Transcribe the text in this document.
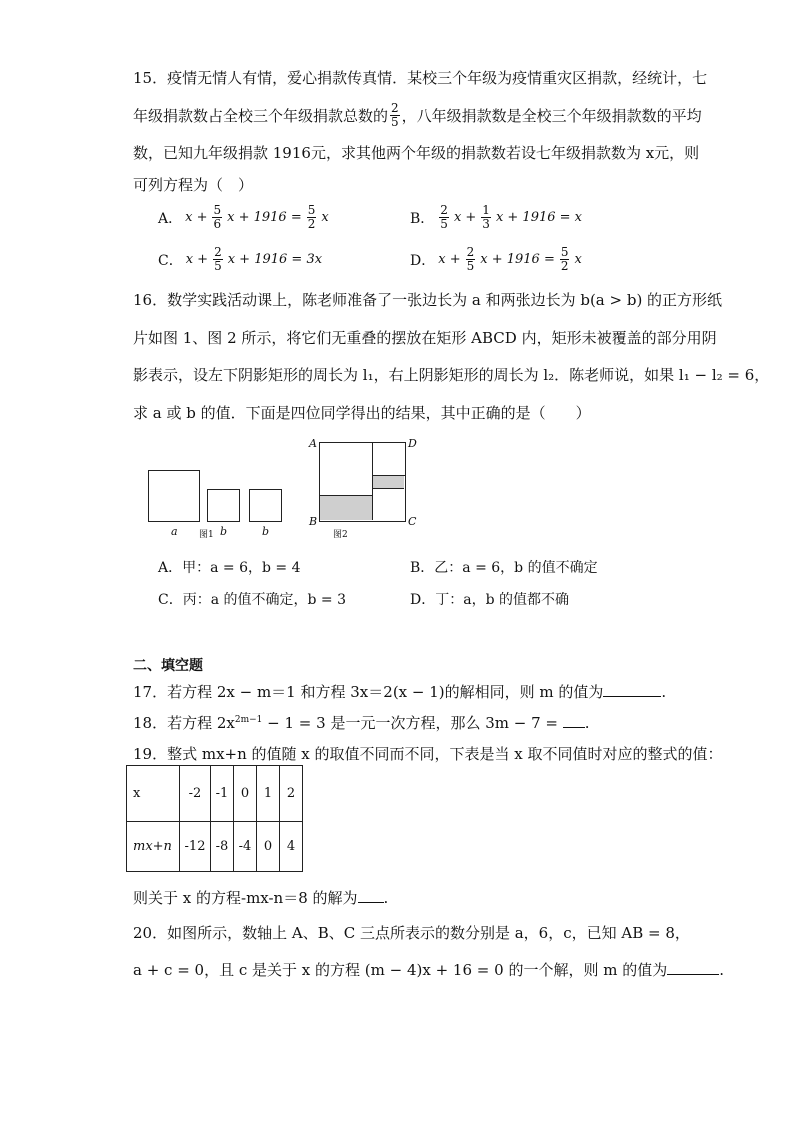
15．疫情无情人有情，爱心捐款传真情．某校三个年级为疫情重灾区捐款，经统计，七
年级捐款数占全校三个年级捐款总数的 $\frac{2}{5}$ ，八年级捐款数是全校三个年级捐款数的平均
数，已知九年级捐款 1916元，求其他两个年级的捐款数若设七年级捐款数为 x元，则
可列方程为（　）
A． $x + \frac{5}{6}$ $x + 1916 = \frac{5}{2}$ x	B． $\frac{2}{5}$ $x + \frac{1}{3}$ x + 1916 = x
C． $x + \frac{2}{5}$ x + 1916 = 3x	D． $x + \frac{2}{5}$ $x + 1916 = \frac{5}{2}$ x
16．数学实践活动课上，陈老师准备了一张边长为 a 和两张边长为 b(a > b) 的正方形纸
片如图 1、图 2 所示，将它们无重叠的摆放在矩形 ABCD 内，矩形未被覆盖的部分用阴
影表示，设左下阴影矩形的周长为 l₁，右上阴影矩形的周长为 l₂．陈老师说，如果 l₁ − l₂ = 6，
求 a 或 b 的值．下面是四位同学得出的结果，其中正确的是（　　）
a 图1 b	b
A	D
B	C
图2
A．甲：a = 6，b = 4	B．乙：a = 6，b 的值不确定
C．丙：a 的值不确定，b = 3	D．丁：a，b 的值都不确
二、填空题
17．若方程 2x − m＝1 和方程 3x＝2(x − 1)的解相同，则 m 的值为	.
18．若方程 $2x^{2m-1} - 1 = 3$ 是一元一次方程，那么 3m − 7 = .
19．整式 mx+n 的值随 x 的取值不同而不同，下表是当 x 取不同值时对应的整式的值：
x	-2	-1	0	1	2
mx+n	-12	-8	-4	0	4
则关于 x 的方程-mx-n＝8 的解为 .
20．如图所示，数轴上 A、B、C 三点所表示的数分别是 a，6，c，已知 AB = 8，
a + c = 0，且 c 是关于 x 的方程 (m − 4)x + 16 = 0 的一个解，则 m 的值为	.
